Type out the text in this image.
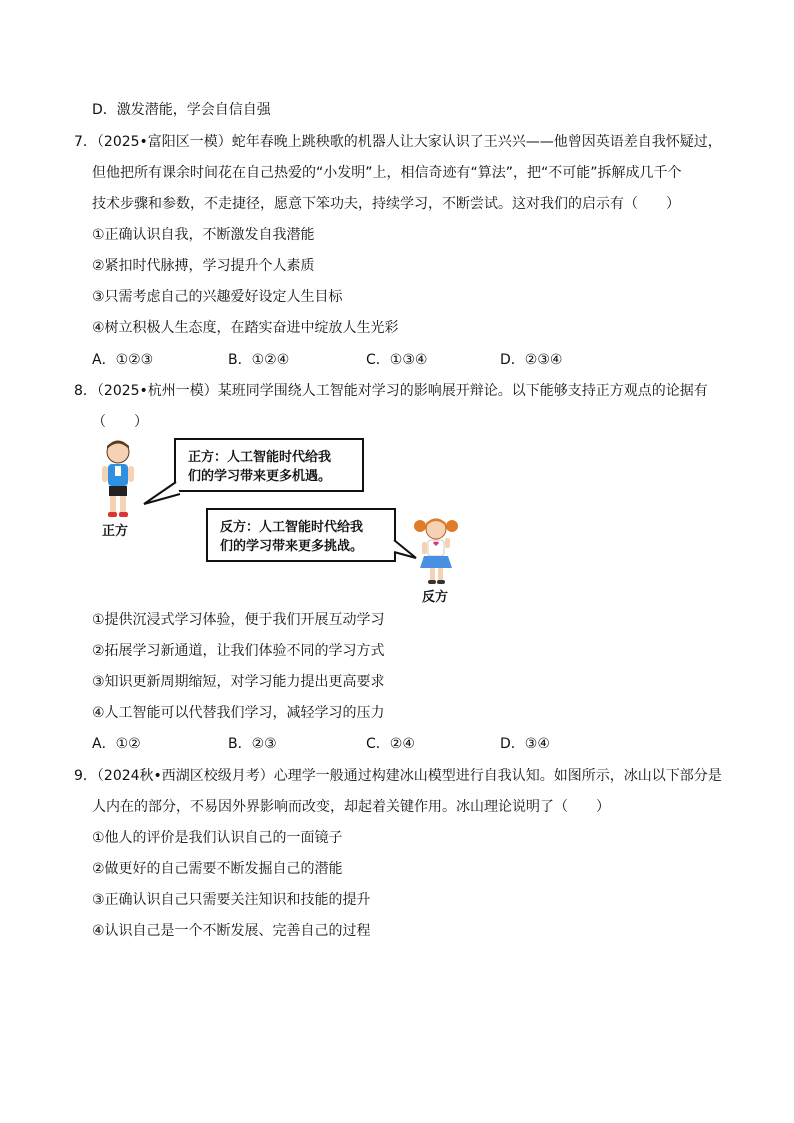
D．激发潜能，学会自信自强
7．（2025•富阳区一模）蛇年春晚上跳秧歌的机器人让大家认识了王兴兴——他曾因英语差自我怀疑过，
但他把所有课余时间花在自己热爱的“小发明”上，相信奇迹有“算法”，把“不可能”拆解成几千个
技术步骤和参数，不走捷径，愿意下笨功夫，持续学习，不断尝试。这对我们的启示有（　　）
①正确认识自我，不断激发自我潜能
②紧扣时代脉搏，学习提升个人素质
③只需考虑自己的兴趣爱好设定人生目标
④树立积极人生态度，在踏实奋进中绽放人生光彩
A．①②③	B．①②④	C．①③④	D．②③④
8．（2025•杭州一模）某班同学围绕人工智能对学习的影响展开辩论。以下能够支持正方观点的论据有
（　　）
正方
正方：人工智能时代给我
们的学习带来更多机遇。
反方：人工智能时代给我
们的学习带来更多挑战。
反方
①提供沉浸式学习体验，便于我们开展互动学习
②拓展学习新通道，让我们体验不同的学习方式
③知识更新周期缩短，对学习能力提出更高要求
④人工智能可以代替我们学习，减轻学习的压力
A．①②	B．②③	C．②④	D．③④
9．（2024秋•西湖区校级月考）心理学一般通过构建冰山模型进行自我认知。如图所示，冰山以下部分是
人内在的部分，不易因外界影响而改变，却起着关键作用。冰山理论说明了（　　）
①他人的评价是我们认识自己的一面镜子
②做更好的自己需要不断发掘自己的潜能
③正确认识自己只需要关注知识和技能的提升
④认识自己是一个不断发展、完善自己的过程
